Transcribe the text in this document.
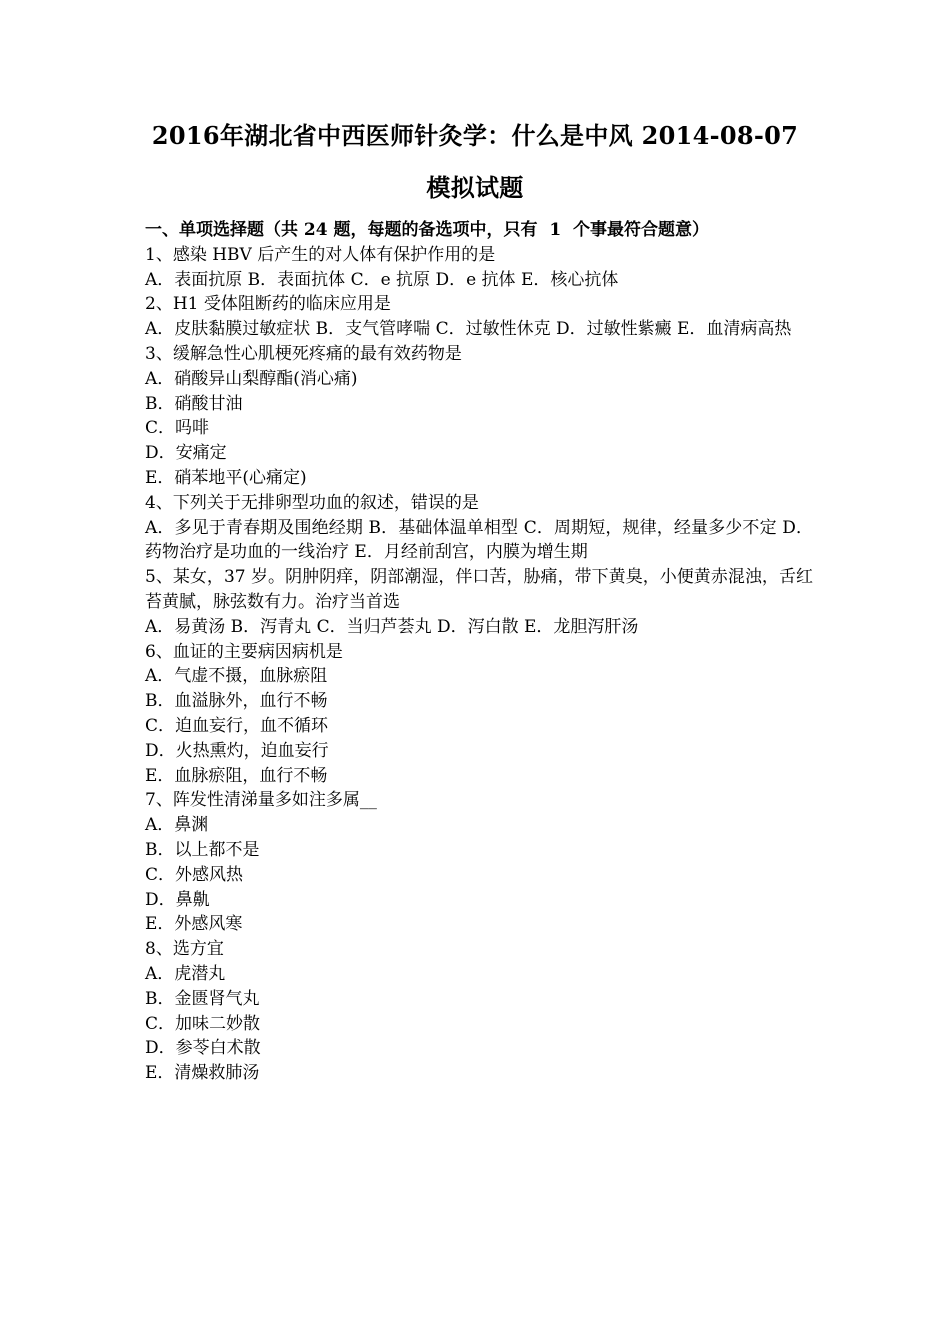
2016年湖北省中西医师针灸学：什么是中风 2014-08-07
模拟试题
一、单项选择题（共 24 题，每题的备选项中，只有  1  个事最符合题意）
1、感染 HBV 后产生的对人体有保护作用的是
A．表面抗原 B．表面抗体 C．e 抗原 D．e 抗体 E．核心抗体
2、H1 受体阻断药的临床应用是
A．皮肤黏膜过敏症状 B．支气管哮喘 C．过敏性休克 D．过敏性紫癜 E．血清病高热
3、缓解急性心肌梗死疼痛的最有效药物是
A．硝酸异山梨醇酯(消心痛)
B．硝酸甘油
C．吗啡
D．安痛定
E．硝苯地平(心痛定)
4、下列关于无排卵型功血的叙述，错误的是
A．多见于青春期及围绝经期 B．基础体温单相型 C．周期短，规律，经量多少不定 D．药物治疗是功血的一线治疗 E．月经前刮宫，内膜为增生期
5、某女，37 岁。阴肿阴痒，阴部潮湿，伴口苦，胁痛，带下黄臭，小便黄赤混浊，舌红苔黄腻，脉弦数有力。治疗当首选
A．易黄汤 B．泻青丸 C．当归芦荟丸 D．泻白散 E．龙胆泻肝汤
6、血证的主要病因病机是
A．气虚不摄，血脉瘀阻
B．血溢脉外，血行不畅
C．迫血妄行，血不循环
D．火热熏灼，迫血妄行
E．血脉瘀阻，血行不畅
7、阵发性清涕量多如注多属__
A．鼻渊
B．以上都不是
C．外感风热
D．鼻鼽
E．外感风寒
8、选方宜
A．虎潜丸
B．金匮肾气丸
C．加味二妙散
D．参苓白术散
E．清燥救肺汤
